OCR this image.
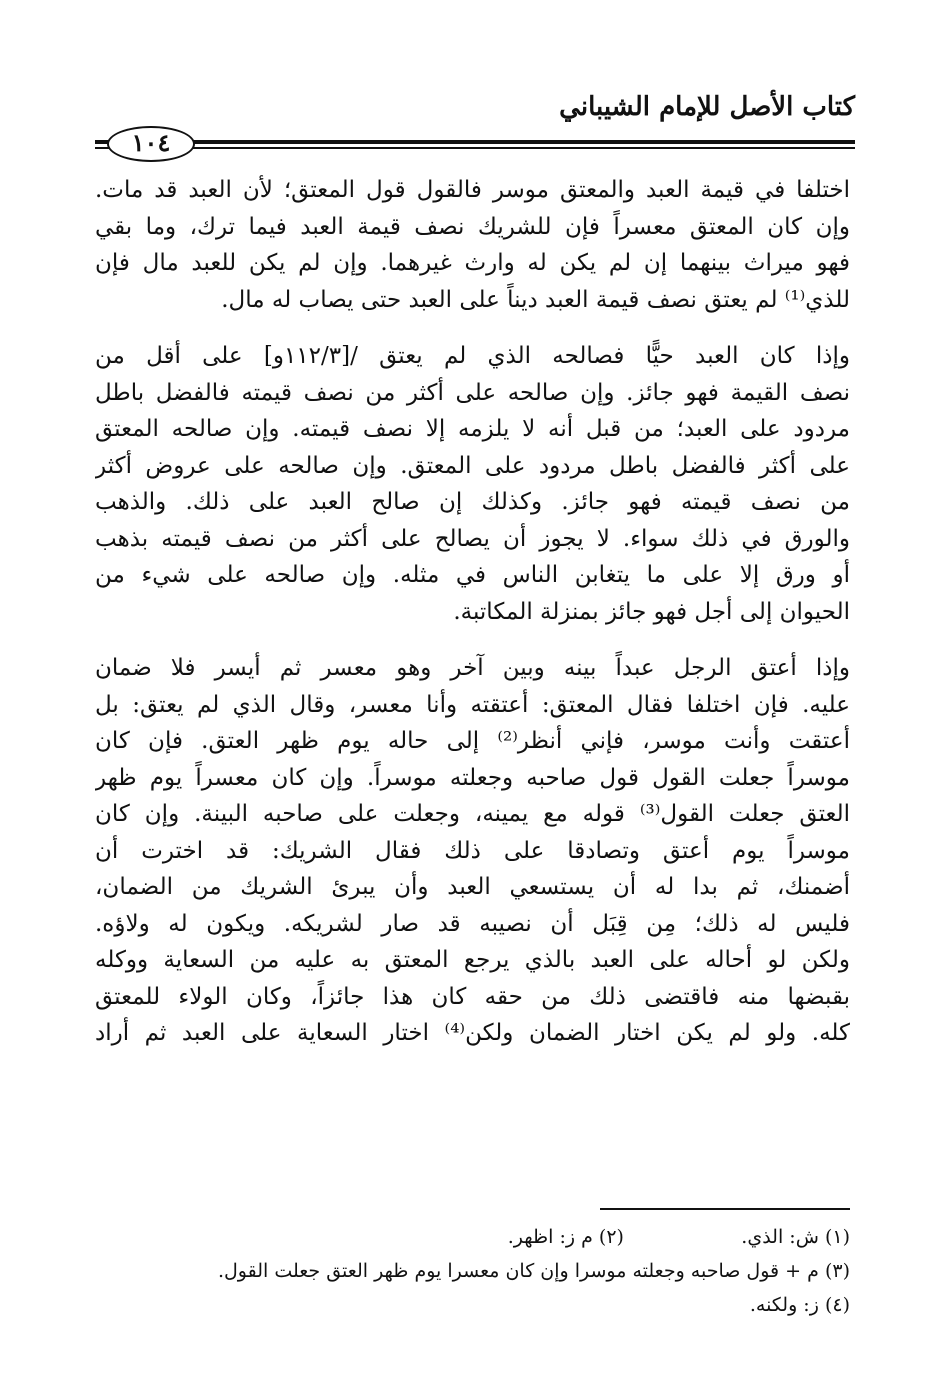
كتاب الأصل للإمام الشيباني
١٠٤
اختلفا في قيمة العبد والمعتق موسر فالقول قول المعتق؛ لأن العبد قد مات.
وإن كان المعتق معسراً فإن للشريك نصف قيمة العبد فيما ترك، وما بقي
فهو ميراث بينهما إن لم يكن له وارث غيرهما. وإن لم يكن للعبد مال فإن
للذي⁽¹⁾ لم يعتق نصف قيمة العبد ديناً على العبد حتى يصاب له مال.
وإذا كان العبد حيًّا فصالحه الذي لم يعتق /[١١٢/٣و] على أقل من
نصف القيمة فهو جائز. وإن صالحه على أكثر من نصف قيمته فالفضل باطل
مردود على العبد؛ من قبل أنه لا يلزمه إلا نصف قيمته. وإن صالحه المعتق
على أكثر فالفضل باطل مردود على المعتق. وإن صالحه على عروض أكثر
من نصف قيمته فهو جائز. وكذلك إن صالح العبد على ذلك. والذهب
والورق في ذلك سواء. لا يجوز أن يصالح على أكثر من نصف قيمته بذهب
أو ورق إلا على ما يتغابن الناس في مثله. وإن صالحه على شيء من
الحيوان إلى أجل فهو جائز بمنزلة المكاتبة.
وإذا أعتق الرجل عبداً بينه وبين آخر وهو معسر ثم أيسر فلا ضمان
عليه. فإن اختلفا فقال المعتق: أعتقته وأنا معسر، وقال الذي لم يعتق: بل
أعتقت وأنت موسر، فإني أنظر⁽²⁾ إلى حاله يوم ظهر العتق. فإن كان
موسراً جعلت القول قول صاحبه وجعلته موسراً. وإن كان معسراً يوم ظهر
العتق جعلت القول⁽³⁾ قوله مع يمينه، وجعلت على صاحبه البينة. وإن كان
موسراً يوم أعتق وتصادقا على ذلك فقال الشريك: قد اخترت أن
أضمنك، ثم بدا له أن يستسعي العبد وأن يبرئ الشريك من الضمان،
فليس له ذلك؛ مِن قِبَل أن نصيبه قد صار لشريكه. ويكون له ولاؤه.
ولكن لو أحاله على العبد بالذي يرجع المعتق به عليه من السعاية ووكله
بقبضها منه فاقتضى ذلك من حقه كان هذا جائزاً، وكان الولاء للمعتق
كله. ولو لم يكن اختار الضمان ولكن⁽⁴⁾ اختار السعاية على العبد ثم أراد
(١) ش: الذي. (٢) م ز: اظهر.
(٣) م + قول صاحبه وجعلته موسرا وإن كان معسرا يوم ظهر العتق جعلت القول.
(٤) ز: ولكنه.
